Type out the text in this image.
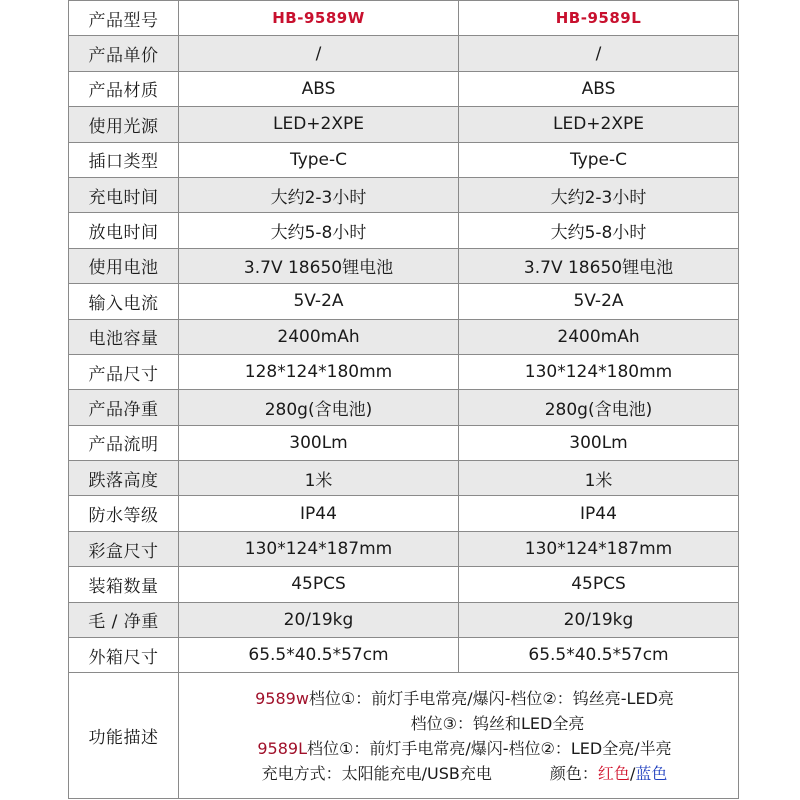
产品型号	HB-9589W	HB-9589L
产品单价	/	/
产品材质	ABS	ABS
使用光源	LED+2XPE	LED+2XPE
插口类型	Type-C	Type-C
充电时间	大约2-3小时	大约2-3小时
放电时间	大约5-8小时	大约5-8小时
使用电池	3.7V 18650锂电池	3.7V 18650锂电池
输入电流	5V-2A	5V-2A
电池容量	2400mAh	2400mAh
产品尺寸	128*124*180mm	130*124*180mm
产品净重	280g(含电池)	280g(含电池)
产品流明	300Lm	300Lm
跌落高度	1米	1米
防水等级	IP44	IP44
彩盒尺寸	130*124*187mm	130*124*187mm
装箱数量	45PCS	45PCS
毛 / 净重	20/19kg	20/19kg
外箱尺寸	65.5*40.5*57cm	65.5*40.5*57cm
功能描述	9589w档位①：前灯手电常亮/爆闪-档位②：钨丝亮-LED亮
档位③：钨丝和LED全亮
9589L档位①：前灯手电常亮/爆闪-档位②：LED全亮/半亮
充电方式：太阳能充电/USB充电 颜色：红色/蓝色	
